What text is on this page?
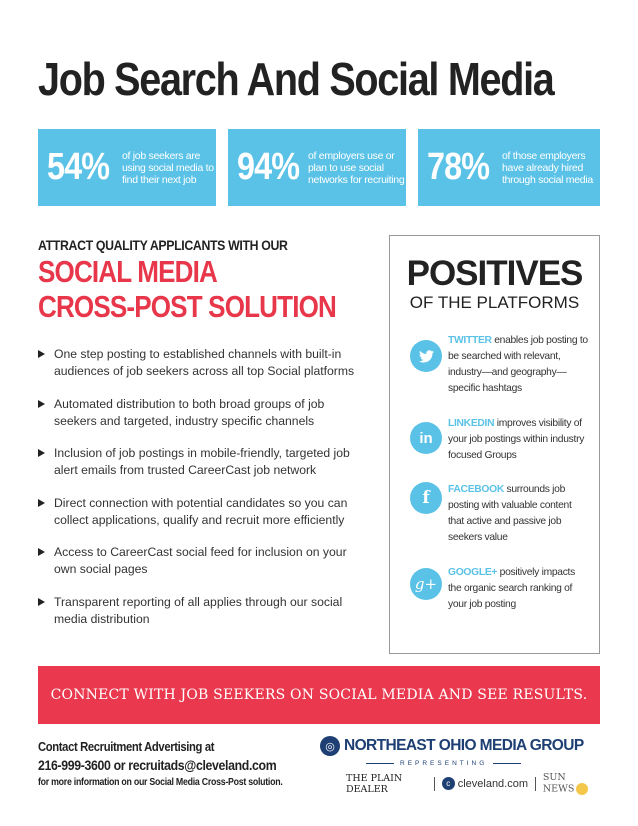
Job Search And Social Media
54% of job seekers are
using social media to
find their next job	94% of employers use or
plan to use social
networks for recruiting 78% of those employers
have already hired
through social media
ATTRACT QUALITY APPLICANTS WITH OUR
SOCIAL MEDIA
CROSS-POST SOLUTION
One step posting to established channels with built-in audiences of job seekers across all top Social platforms
Automated distribution to both broad groups of job seekers and targeted, industry specific channels
Inclusion of job postings in mobile-friendly, targeted job alert emails from trusted CareerCast job network
Direct connection with potential candidates so you can collect applications, qualify and recruit more efficiently
Access to CareerCast social feed for inclusion on your own social pages
Transparent reporting of all applies through our social media distribution
POSITIVES
OF THE PLATFORMS
TWITTER enables job posting to be searched with relevant, industry—and geography—specific hashtags
in
LINKEDIN improves visibility of your job postings within industry focused Groups
f	FACEBOOK surrounds job posting with valuable content that active and passive job seekers value
g+
GOOGLE+ positively impacts the organic search ranking of your job posting
CONNECT WITH JOB SEEKERS ON SOCIAL MEDIA AND SEE RESULTS.
Contact Recruitment Advertising at
216-999-3600 or recruitads@cleveland.com
for more information on our Social Media Cross-Post solution.
◎ NORTHEAST OHIO MEDIA GROUP
REPRESENTING
THE PLAIN DEALER	c cleveland.com SUN NEWS
